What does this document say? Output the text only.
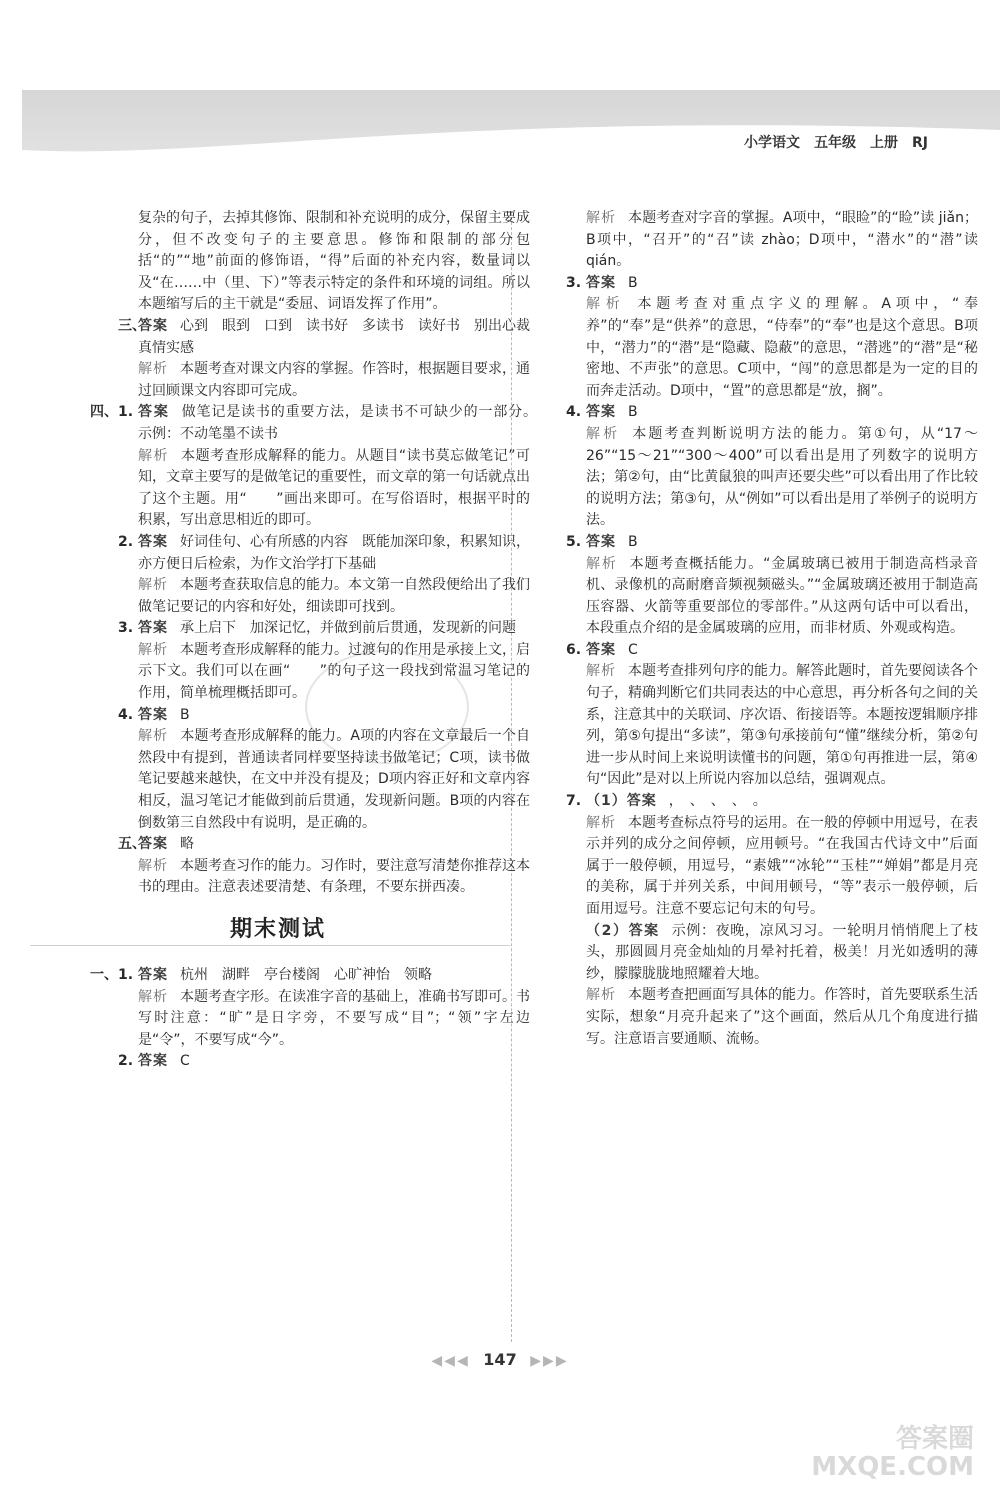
小学语文　五年级　上册　RJ
复杂的句子，去掉其修饰、限制和补充说明的成分，保留主要成分，但不改变句子的主要意思。修饰和限制的部分包括“的”“地”前面的修饰语，“得”后面的补充内容，数量词以及“在……中（里、下）”等表示特定的条件和环境的词组。所以本题缩写后的主干就是“委屈、词语发挥了作用”。
三、
答案 心到　眼到　口到　读书好　多读书　读好书　别出心裁　真情实感
解析 本题考查对课文内容的掌握。作答时，根据题目要求，通过回顾课文内容即可完成。
四、1. 答案 做笔记是读书的重要方法，是读书不可缺少的一部分。　示例：不动笔墨不读书
解析 本题考查形成解释的能力。从题目“读书莫忘做笔记”可知，文章主要写的是做笔记的重要性，而文章的第一句话就点出了这个主题。用“　　”画出来即可。在写俗语时，根据平时的积累，写出意思相近的即可。
2. 答案 好词佳句、心有所感的内容　既能加深印象，积累知识，亦方便日后检索，为作文治学打下基础
解析 本题考查获取信息的能力。本文第一自然段便给出了我们做笔记要记的内容和好处，细读即可找到。
3. 答案 承上启下　加深记忆，并做到前后贯通，发现新的问题
解析 本题考查形成解释的能力。过渡句的作用是承接上文，启示下文。我们可以在画“　　”的句子这一段找到常温习笔记的作用，简单梳理概括即可。
4. 答案 B
解析 本题考查形成解释的能力。A项的内容在文章最后一个自然段中有提到，普通读者同样要坚持读书做笔记；C项，读书做笔记要越来越快，在文中并没有提及；D项内容正好和文章内容相反，温习笔记才能做到前后贯通，发现新问题。B项的内容在倒数第三自然段中有说明，是正确的。
五、
答案 略
解析 本题考查习作的能力。习作时，要注意写清楚你推荐这本书的理由。注意表述要清楚、有条理，不要东拼西凑。
期末测试
一、1. 答案 杭州　湖畔　亭台楼阁　心旷神怡　领略
解析 本题考查字形。在读准字音的基础上，准确书写即可。书写时注意：“旷”是日字旁，不要写成“目”；“领”字左边是“令”，不要写成“今”。
2. 答案 C
解析 本题考查对字音的掌握。A项中，“眼睑”的“睑”读 jiǎn；B项中，“召开”的“召”读 zhào；D项中，“潜水”的“潜”读 qián。
3. 答案 B
解析 本题考查对重点字义的理解。A项中，“奉养”的“奉”是“供养”的意思，“侍奉”的“奉”也是这个意思。B项中，“潜力”的“潜”是“隐藏、隐蔽”的意思，“潜逃”的“潜”是“秘密地、不声张”的意思。C项中，“闯”的意思都是为一定的目的而奔走活动。D项中，“置”的意思都是“放，搁”。
4. 答案 B
解析 本题考查判断说明方法的能力。第①句，从“17～26”“15～21”“300～400”可以看出是用了列数字的说明方法；第②句，由“比黄鼠狼的叫声还要尖些”可以看出用了作比较的说明方法；第③句，从“例如”可以看出是用了举例子的说明方法。
5. 答案 B
解析 本题考查概括能力。“金属玻璃已被用于制造高档录音机、录像机的高耐磨音频视频磁头。”“金属玻璃还被用于制造高压容器、火箭等重要部位的零部件。”从这两句话中可以看出，本段重点介绍的是金属玻璃的应用，而非材质、外观或构造。
6. 答案 C
解析 本题考查排列句序的能力。解答此题时，首先要阅读各个句子，精确判断它们共同表达的中心意思，再分析各句之间的关系，注意其中的关联词、序次语、衔接语等。本题按逻辑顺序排列，第⑤句提出“多读”，第③句承接前句“懂”继续分析，第②句进一步从时间上来说明读懂书的问题，第①句再推进一层，第④句“因此”是对以上所说内容加以总结，强调观点。
7. （1）答案 ，　、　、　、　。
解析 本题考查标点符号的运用。在一般的停顿中用逗号，在表示并列的成分之间停顿，应用顿号。“在我国古代诗文中”后面属于一般停顿，用逗号，“素娥”“冰轮”“玉桂”“婵娟”都是月亮的美称，属于并列关系，中间用顿号，“等”表示一般停顿，后面用逗号。注意不要忘记句末的句号。
（2）答案 示例：夜晚，凉风习习。一轮明月悄悄爬上了枝头，那圆圆月亮金灿灿的月晕衬托着，极美！月光如透明的薄纱，朦朦胧胧地照耀着大地。
解析 本题考查把画面写具体的能力。作答时，首先要联系生活实际，想象“月亮升起来了”这个画面，然后从几个角度进行描写。注意语言要通顺、流畅。
◀◀◀ 147 ▶▶▶
答案圈
MXQE.COM
